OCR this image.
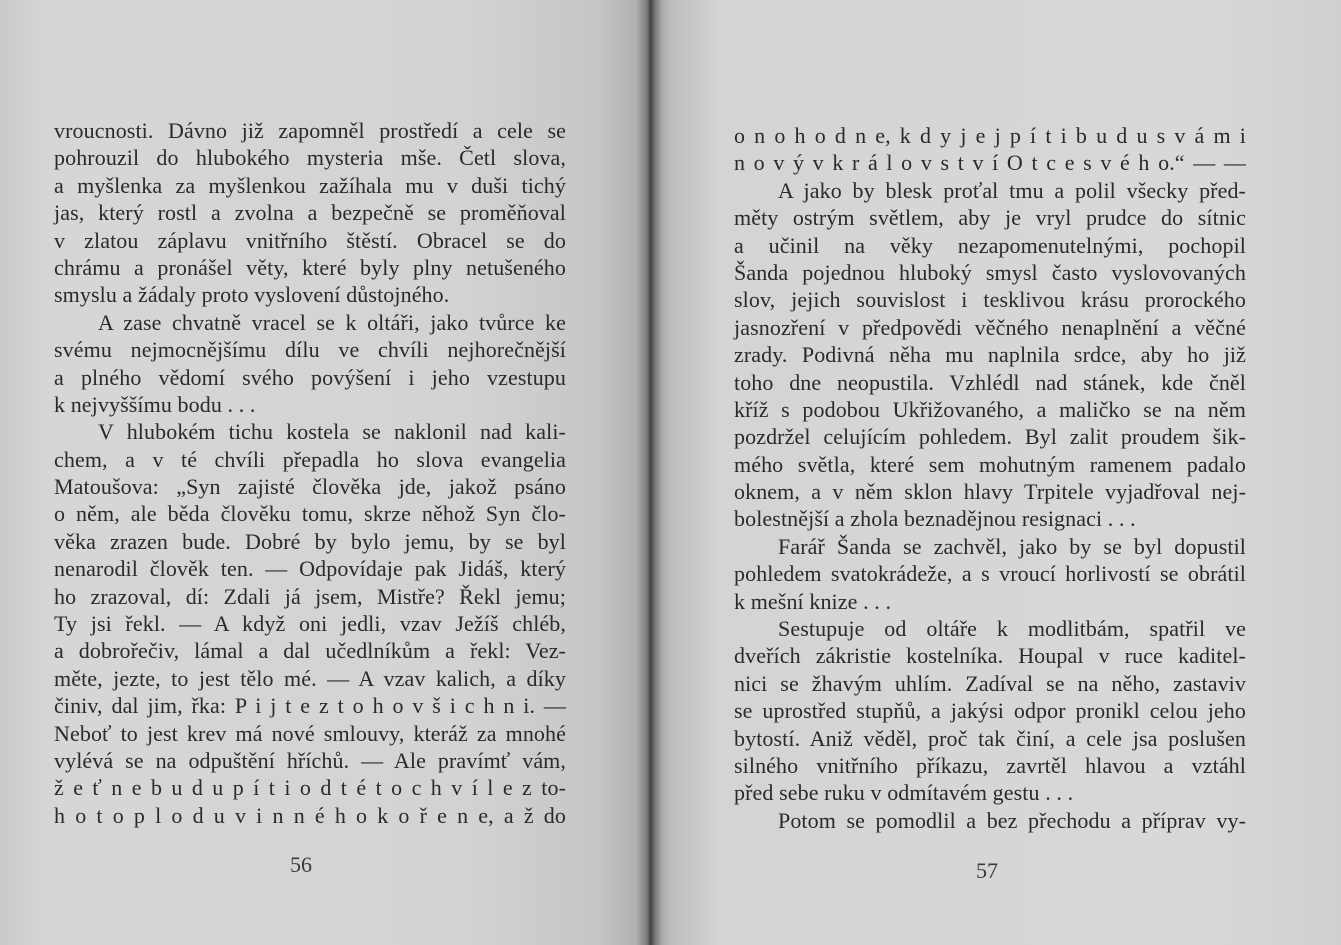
vroucnosti. Dávno již zapomněl prostředí a cele se
pohrouzil do hlubokého mysteria mše. Četl slova,
a myšlenka za myšlenkou zažíhala mu v duši tichý
jas, který rostl a zvolna a bezpečně se proměňoval
v zlatou záplavu vnitřního štěstí. Obracel se do
chrámu a pronášel věty, které byly plny netušeného
smyslu a žádaly proto vyslovení důstojného.
A zase chvatně vracel se k oltáři, jako tvůrce ke
svému nejmocnějšímu dílu ve chvíli nejhorečnější
a plného vědomí svého povýšení i jeho vzestupu
k nejvyššímu bodu . . .
V hlubokém tichu kostela se naklonil nad kali-
chem, a v té chvíli přepadla ho slova evangelia
Matoušova: „Syn zajisté člověka jde, jakož psáno
o něm, ale běda člověku tomu, skrze něhož Syn člo-
věka zrazen bude. Dobré by bylo jemu, by se byl
nenarodil člověk ten. — Odpovídaje pak Jidáš, který
ho zrazoval, dí: Zdali já jsem, Mistře? Řekl jemu;
Ty jsi řekl. — A když oni jedli, vzav Ježíš chléb,
a dobrořečiv, lámal a dal učedlníkům a řekl: Vez-
měte, jezte, to jest tělo mé. — A vzav kalich, a díky
činiv, dal jim, řka: P i j t e z t o h o v š i c h n i. —
Neboť to jest krev má nové smlouvy, kteráž za mnohé
vylévá se na odpuštění hříchů. — Ale pravímť vám,
ž e ť n e b u d u p í t i o d t é t o c h v í l e z to-
h o t o p l o d u v i n n é h o k o ř e n e, a ž do
56
o n o h o d n e, k d y j e j p í t i b u d u s v á m i
n o v ý v k r á l o v s t v í O t c e s v é h o.“ — —
A jako by blesk proťal tmu a polil všecky před-
měty ostrým světlem, aby je vryl prudce do sítnic
a učinil na věky nezapomenutelnými, pochopil
Šanda pojednou hluboký smysl často vyslovovaných
slov, jejich souvislost i tesklivou krásu prorockého
jasnozření v předpovědi věčného nenaplnění a věčné
zrady. Podivná něha mu naplnila srdce, aby ho již
toho dne neopustila. Vzhlédl nad stánek, kde čněl
kříž s podobou Ukřižovaného, a maličko se na něm
pozdržel celujícím pohledem. Byl zalit proudem šik-
mého světla, které sem mohutným ramenem padalo
oknem, a v něm sklon hlavy Trpitele vyjadřoval nej-
bolestnější a zhola beznadějnou resignaci . . .
Farář Šanda se zachvěl, jako by se byl dopustil
pohledem svatokrádeže, a s vroucí horlivostí se obrátil
k mešní knize . . .
Sestupuje od oltáře k modlitbám, spatřil ve
dveřích zákristie kostelníka. Houpal v ruce kaditel-
nici se žhavým uhlím. Zadíval se na něho, zastaviv
se uprostřed stupňů, a jakýsi odpor pronikl celou jeho
bytostí. Aniž věděl, proč tak činí, a cele jsa poslušen
silného vnitřního příkazu, zavrtěl hlavou a vztáhl
před sebe ruku v odmítavém gestu . . .
Potom se pomodlil a bez přechodu a příprav vy-
57
